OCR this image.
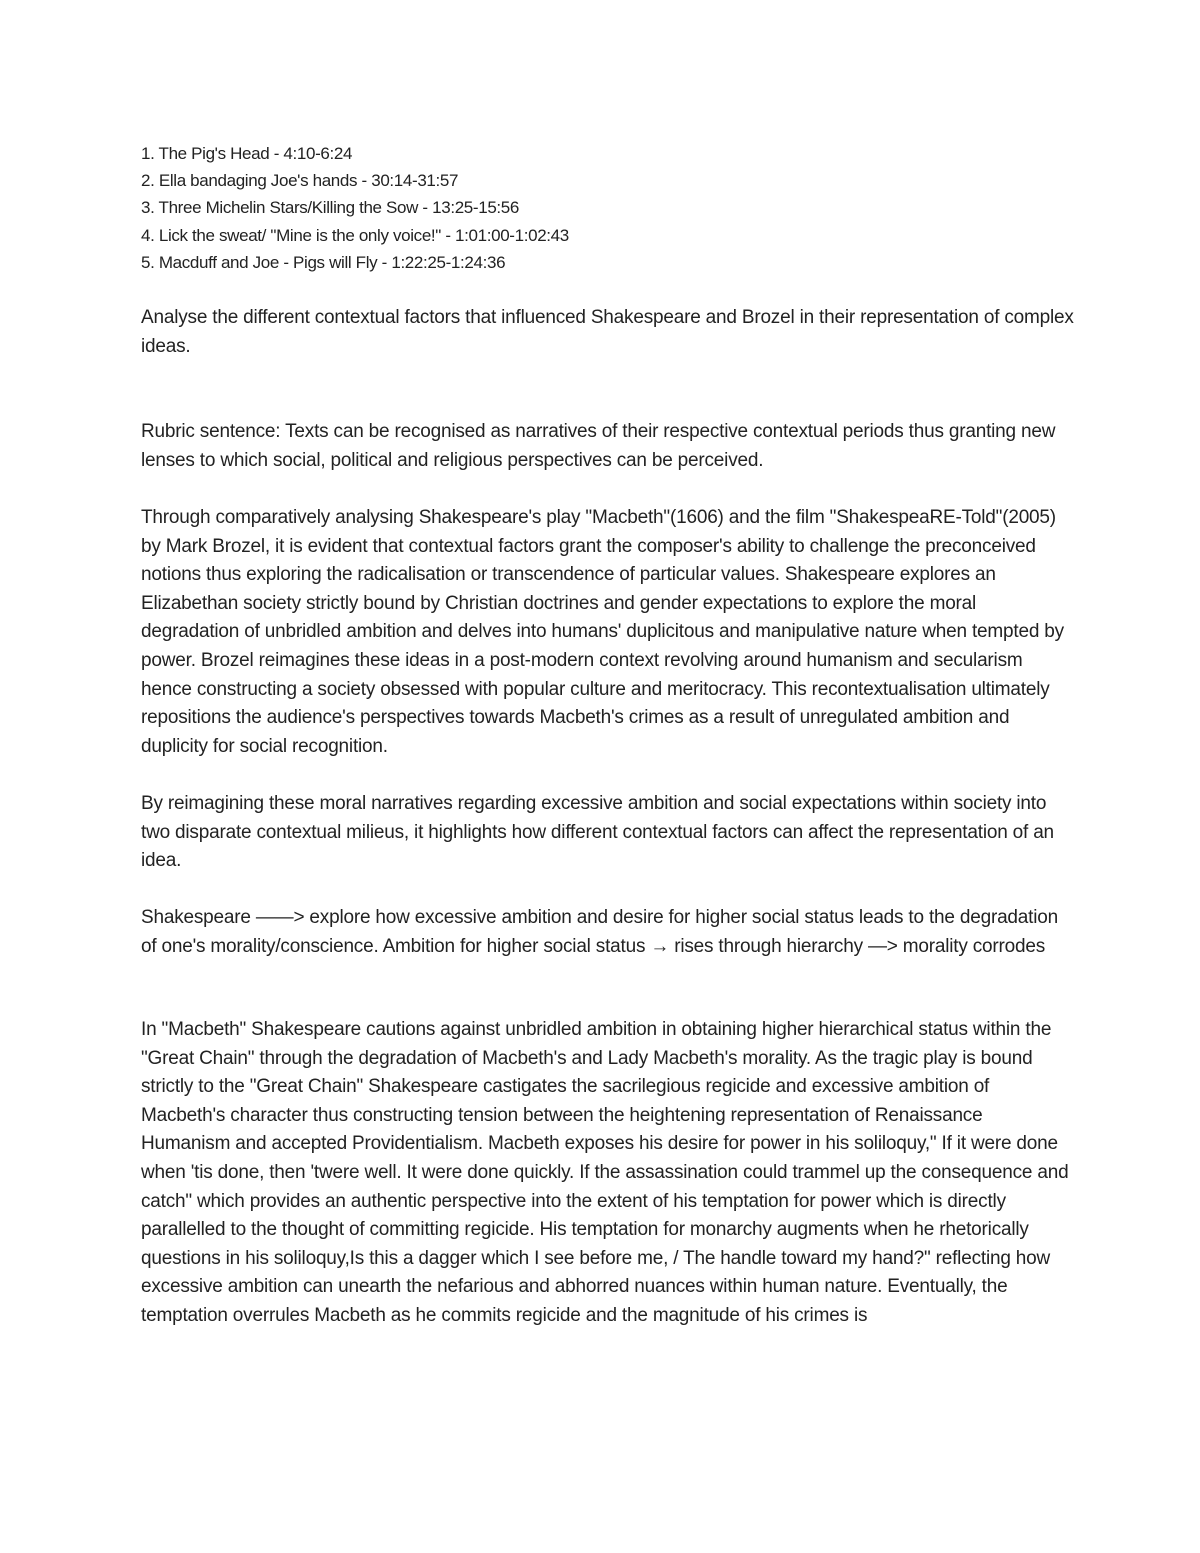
1. The Pig's Head - 4:10-6:24
2. Ella bandaging Joe's hands - 30:14-31:57
3. Three Michelin Stars/Killing the Sow - 13:25-15:56
4. Lick the sweat/ "Mine is the only voice!" - 1:01:00-1:02:43
5. Macduff and Joe - Pigs will Fly - 1:22:25-1:24:36

Analyse the different contextual factors that influenced Shakespeare and Brozel in their representation of complex ideas.

Rubric sentence: Texts can be recognised as narratives of their respective contextual periods thus granting new lenses to which social, political and religious perspectives can be perceived.

Through comparatively analysing Shakespeare's play "Macbeth"(1606) and the film "ShakespeaRE-Told"(2005) by Mark Brozel, it is evident that contextual factors grant the composer's ability to challenge the preconceived notions thus exploring the radicalisation or transcendence of particular values. Shakespeare explores an Elizabethan society strictly bound by Christian doctrines and gender expectations to explore the moral degradation of unbridled ambition and delves into humans' duplicitous and manipulative nature when tempted by power. Brozel reimagines these ideas in a post-modern context revolving around humanism and secularism hence constructing a society obsessed with popular culture and meritocracy. This recontextualisation ultimately repositions the audience's perspectives towards Macbeth's crimes as a result of unregulated ambition and duplicity for social recognition.

By reimagining these moral narratives regarding excessive ambition and social expectations within society into two disparate contextual milieus, it highlights how different contextual factors can affect the representation of an idea.

Shakespeare ——> explore how excessive ambition and desire for higher social status leads to the degradation of one's morality/conscience. Ambition for higher social status → rises through hierarchy —> morality corrodes

In "Macbeth" Shakespeare cautions against unbridled ambition in obtaining higher hierarchical status within the "Great Chain" through the degradation of Macbeth's and Lady Macbeth's morality. As the tragic play is bound strictly to the "Great Chain" Shakespeare castigates the sacrilegious regicide and excessive ambition of Macbeth's character thus constructing tension between the heightening representation of Renaissance Humanism and accepted Providentialism. Macbeth exposes his desire for power in his soliloquy," If it were done when 'tis done, then 'twere well. It were done quickly. If the assassination could trammel up the consequence and catch" which provides an authentic perspective into the extent of his temptation for power which is directly parallelled to the thought of committing regicide. His temptation for monarchy augments when he rhetorically questions in his soliloquy,Is this a dagger which I see before me, / The handle toward my hand?" reflecting how excessive ambition can unearth the nefarious and abhorred nuances within human nature. Eventually, the temptation overrules Macbeth as he commits regicide and the magnitude of his crimes is
